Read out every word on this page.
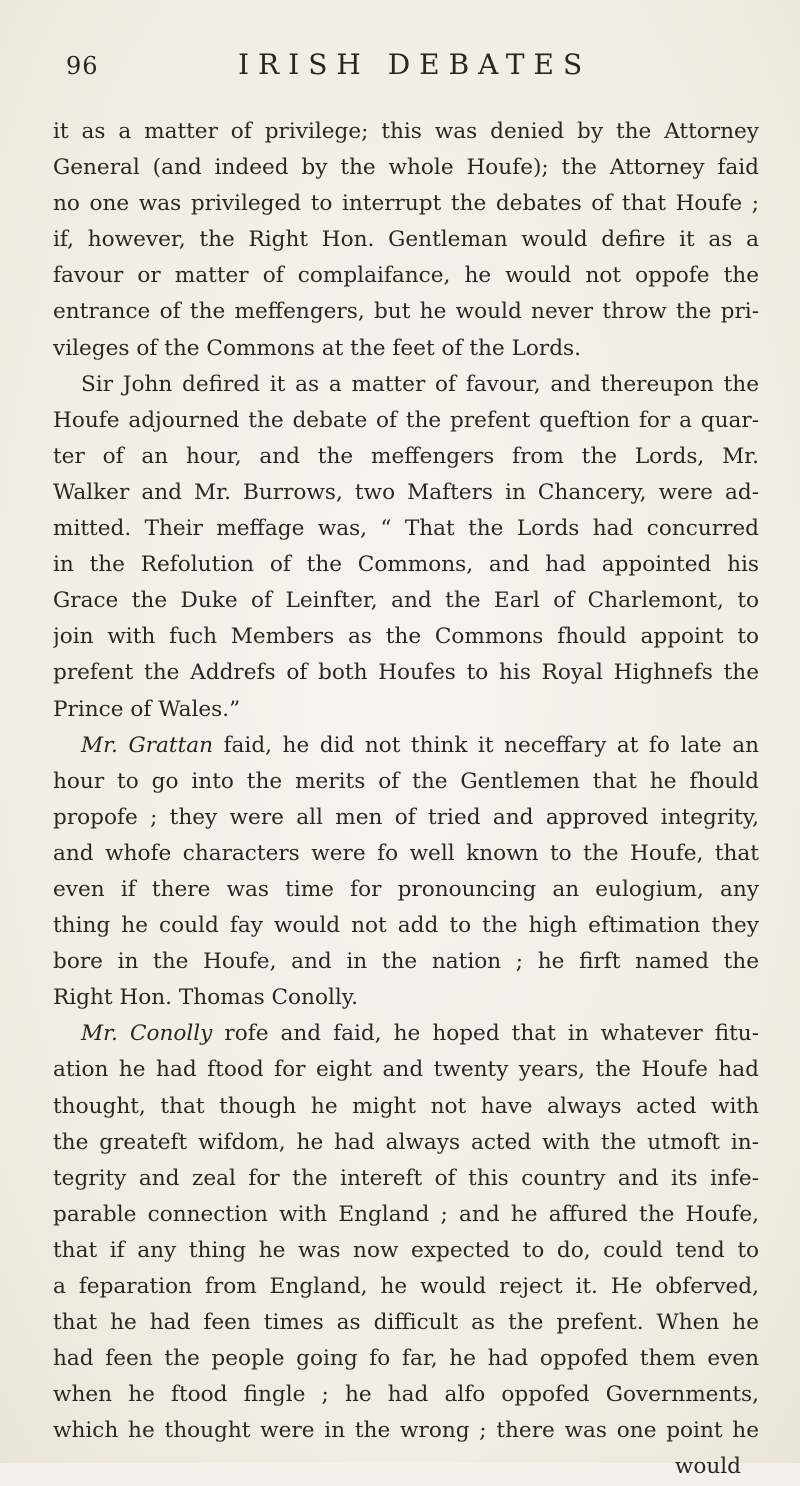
96	IRISH DEBATES
it as a matter of privilege; this was denied by the Attorney
General (and indeed by the whole Houfe); the Attorney faid
no one was privileged to interrupt the debates of that Houfe ;
if, however, the Right Hon. Gentleman would defire it as a
favour or matter of complaifance, he would not oppofe the
entrance of the meffengers, but he would never throw the pri-
vileges of the Commons at the feet of the Lords.
Sir John defired it as a matter of favour, and thereupon the
Houfe adjourned the debate of the prefent queftion for a quar-
ter of an hour, and the meffengers from the Lords, Mr.
Walker and Mr. Burrows, two Mafters in Chancery, were ad-
mitted. Their meffage was, “ That the Lords had concurred
in the Refolution of the Commons, and had appointed his
Grace the Duke of Leinfter, and the Earl of Charlemont, to
join with fuch Members as the Commons fhould appoint to
prefent the Addrefs of both Houfes to his Royal Highnefs the
Prince of Wales.”
Mr. Grattan faid, he did not think it neceffary at fo late an
hour to go into the merits of the Gentlemen that he fhould
propofe ; they were all men of tried and approved integrity,
and whofe characters were fo well known to the Houfe, that
even if there was time for pronouncing an eulogium, any
thing he could fay would not add to the high eftimation they
bore in the Houfe, and in the nation ; he firft named the
Right Hon. Thomas Conolly.
Mr. Conolly rofe and faid, he hoped that in whatever fitu-
ation he had ftood for eight and twenty years, the Houfe had
thought, that though he might not have always acted with
the greateft wifdom, he had always acted with the utmoft in-
tegrity and zeal for the intereft of this country and its infe-
parable connection with England ; and he affured the Houfe,
that if any thing he was now expected to do, could tend to
a feparation from England, he would reject it. He obferved,
that he had feen times as difficult as the prefent. When he
had feen the people going fo far, he had oppofed them even
when he ftood fingle ; he had alfo oppofed Governments,
which he thought were in the wrong ; there was one point he
would
